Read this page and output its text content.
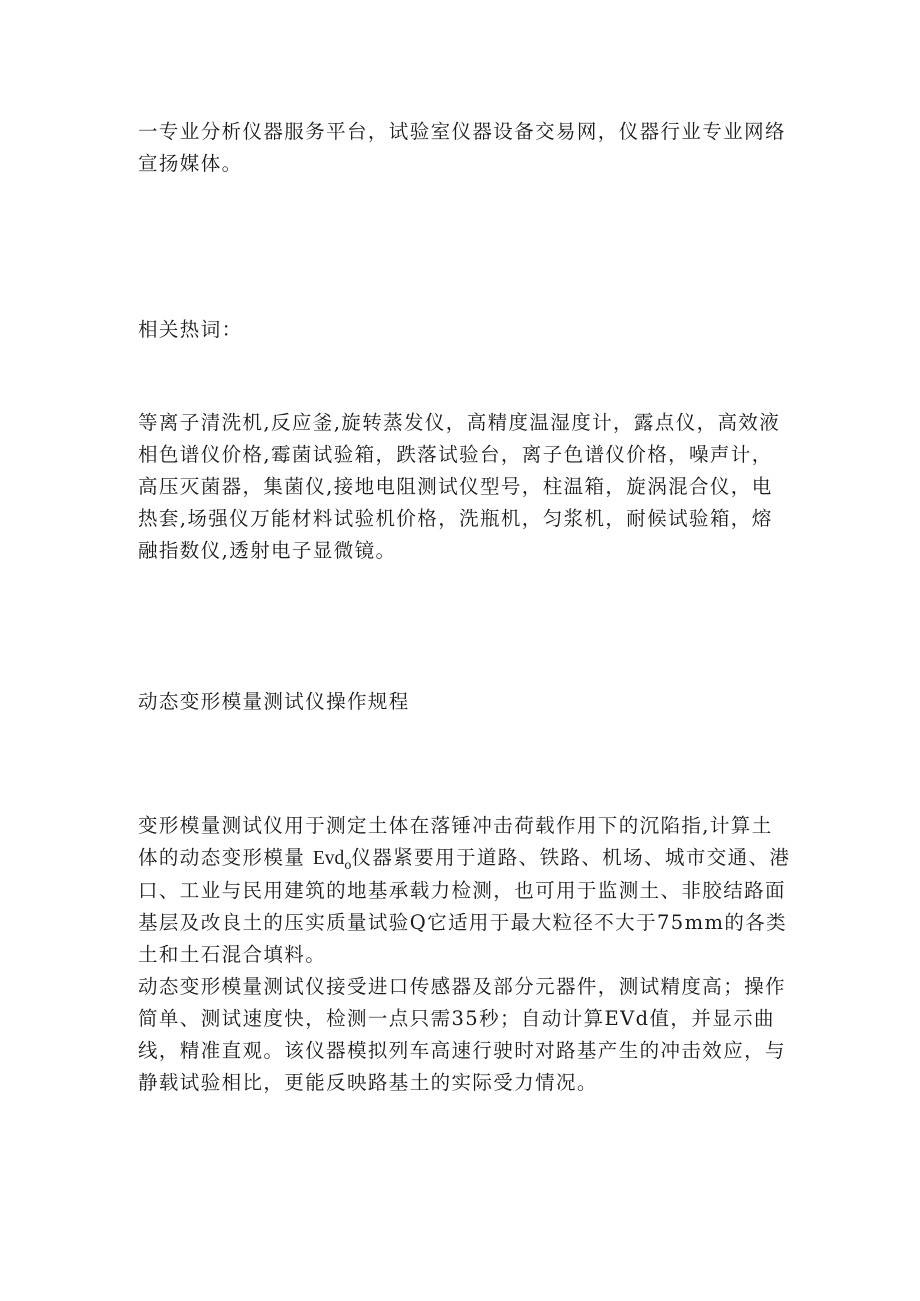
一专业分析仪器服务平台，试验室仪器设备交易网，仪器行业专业网络宣扬媒体。

相关热词：

等离子清洗机,反应釜,旋转蒸发仪，高精度温湿度计，露点仪，高效液相色谱仪价格,霉菌试验箱，跌落试验台，离子色谱仪价格，噪声计，高压灭菌器，集菌仪,接地电阻测试仪型号，柱温箱，旋涡混合仪，电热套,场强仪万能材料试验机价格，洗瓶机，匀浆机，耐候试验箱，熔融指数仪,透射电子显微镜。

动态变形模量测试仪操作规程

变形模量测试仪用于测定土体在落锤冲击荷载作用下的沉陷指,计算土体的动态变形模量 Evd$_o$仪器紧要用于道路、铁路、机场、城市交通、港口、工业与民用建筑的地基承载力检测，也可用于监测土、非胶结路面基层及改良土的压实质量试验Q它适用于最大粒径不大于75mm的各类土和土石混合填料。

动态变形模量测试仪接受进口传感器及部分元器件，测试精度高；操作简单、测试速度快，检测一点只需35秒；自动计算EVd值，并显示曲线，精准直观。该仪器模拟列车高速行驶时对路基产生的冲击效应，与静载试验相比，更能反映路基土的实际受力情况。
